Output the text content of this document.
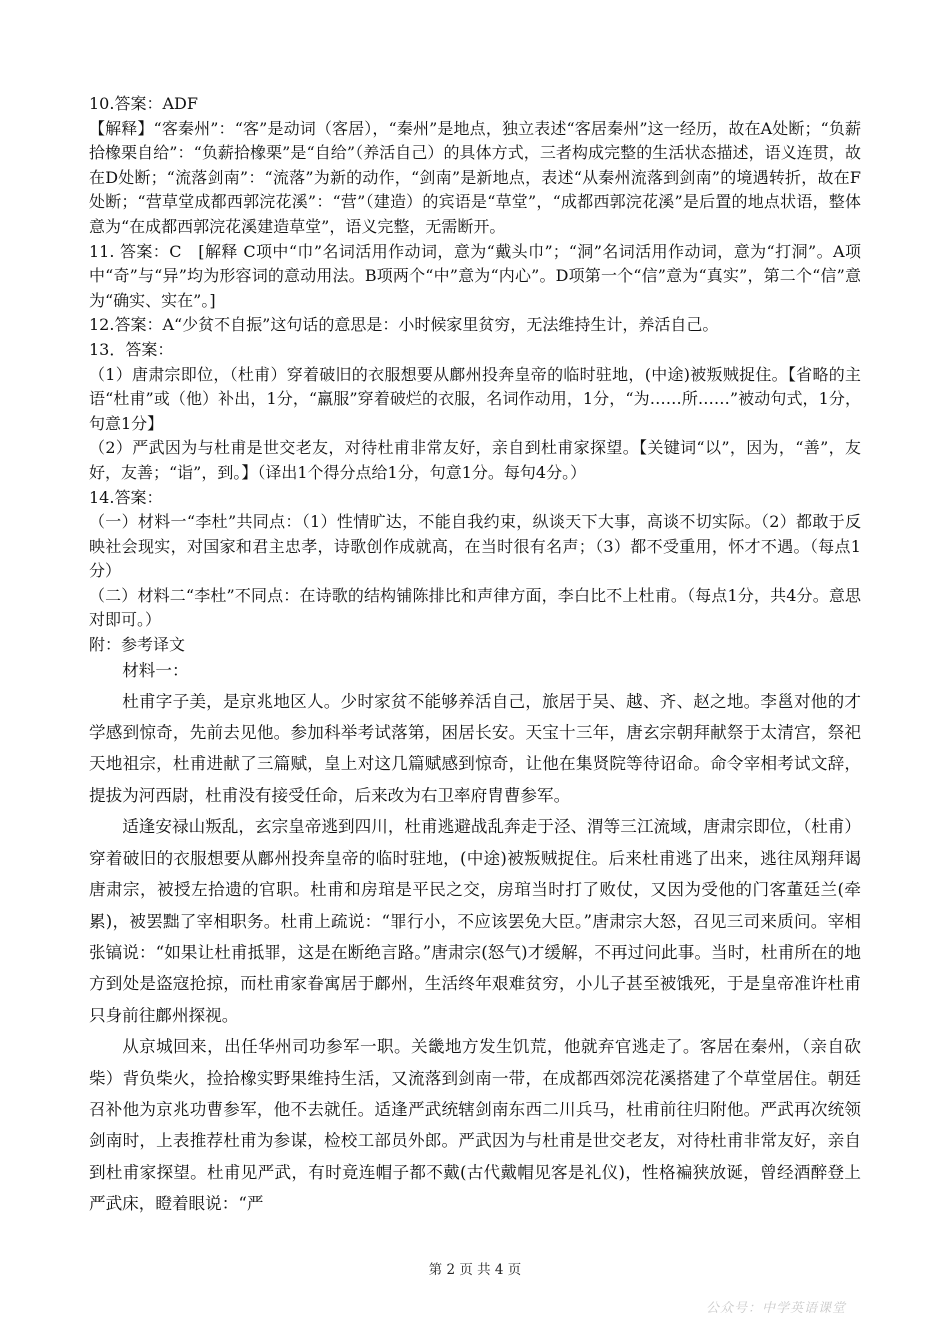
10.答案：ADF

【解释】“客秦州”：“客”是动词（客居），“秦州”是地点，独立表述“客居秦州”这一经历，故在A处断；“负薪拾橡栗自给”：“负薪拾橡栗”是“自给”（养活自己）的具体方式，三者构成完整的生活状态描述，语义连贯，故在D处断；“流落剑南”：“流落”为新的动作，“剑南”是新地点，表述“从秦州流落到剑南”的境遇转折，故在F处断；“营草堂成都西郭浣花溪”：“营”（建造）的宾语是“草堂”，“成都西郭浣花溪”是后置的地点状语，整体意为“在成都西郭浣花溪建造草堂”，语义完整，无需断开。

11. 答案：C　[解释 C项中“巾”名词活用作动词，意为“戴头巾”；“洞”名词活用作动词，意为“打洞”。A项中“奇”与“异”均为形容词的意动用法。B项两个“中”意为“内心”。D项第一个“信”意为“真实”，第二个“信”意为“确实、实在”。]

12.答案：A“少贫不自振”这句话的意思是：小时候家里贫穷，无法维持生计，养活自己。

13．答案：

（1）唐肃宗即位，（杜甫）穿着破旧的衣服想要从鄜州投奔皇帝的临时驻地，(中途)被叛贼捉住。【省略的主语“杜甫”或（他）补出，1分，“羸服”穿着破烂的衣服，名词作动用，1分，“为……所……”被动句式，1分，句意1分】

（2）严武因为与杜甫是世交老友，对待杜甫非常友好，亲自到杜甫家探望。【关键词“以”，因为，“善”，友好，友善；“诣”，到。】（译出1个得分点给1分，句意1分。每句4分。）

14.答案：

（一）材料一“李杜”共同点：（1）性情旷达，不能自我约束，纵谈天下大事，高谈不切实际。（2）都敢于反映社会现实，对国家和君主忠孝，诗歌创作成就高，在当时很有名声；（3）都不受重用，怀才不遇。（每点1分）

（二）材料二“李杜”不同点：在诗歌的结构铺陈排比和声律方面，李白比不上杜甫。（每点1分，共4分。意思对即可。）

附：参考译文

材料一：

杜甫字子美，是京兆地区人。少时家贫不能够养活自己，旅居于吴、越、齐、赵之地。李邕对他的才学感到惊奇，先前去见他。参加科举考试落第，困居长安。天宝十三年，唐玄宗朝拜献祭于太清宫，祭祀天地祖宗，杜甫进献了三篇赋，皇上对这几篇赋感到惊奇，让他在集贤院等待诏命。命令宰相考试文辞，提拔为河西尉，杜甫没有接受任命，后来改为右卫率府胄曹参军。

适逢安禄山叛乱，玄宗皇帝逃到四川，杜甫逃避战乱奔走于泾、渭等三江流域，唐肃宗即位，（杜甫）穿着破旧的衣服想要从鄜州投奔皇帝的临时驻地，(中途)被叛贼捉住。后来杜甫逃了出来，逃往凤翔拜谒唐肃宗，被授左拾遗的官职。杜甫和房琯是平民之交，房琯当时打了败仗，又因为受他的门客董廷兰(牵累)，被罢黜了宰相职务。杜甫上疏说：“罪行小，不应该罢免大臣。”唐肃宗大怒，召见三司来质问。宰相张镐说：“如果让杜甫抵罪，这是在断绝言路。”唐肃宗(怒气)才缓解，不再过问此事。当时，杜甫所在的地方到处是盗寇抢掠，而杜甫家眷寓居于鄜州，生活终年艰难贫穷，小儿子甚至被饿死，于是皇帝准许杜甫只身前往鄜州探视。

从京城回来，出任华州司功参军一职。关畿地方发生饥荒，他就弃官逃走了。客居在秦州，（亲自砍柴）背负柴火，捡拾橡实野果维持生活，又流落到剑南一带，在成都西郊浣花溪搭建了个草堂居住。朝廷召补他为京兆功曹参军，他不去就任。适逢严武统辖剑南东西二川兵马，杜甫前往归附他。严武再次统领剑南时，上表推荐杜甫为参谋，检校工部员外郎。严武因为与杜甫是世交老友，对待杜甫非常友好，亲自到杜甫家探望。杜甫见严武，有时竟连帽子都不戴(古代戴帽见客是礼仪)，性格褊狭放诞，曾经酒醉登上严武床，瞪着眼说：“严

第 2 页 共 4 页
公众号：中学英语课堂
